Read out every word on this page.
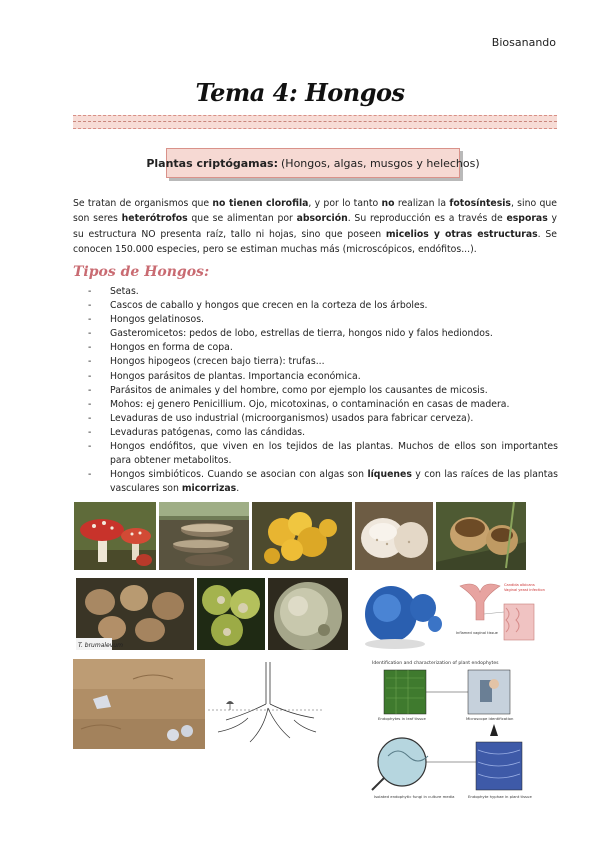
Biosanando
Tema 4: Hongos
Plantas criptógamas: (Hongos, algas, musgos y helechos)

Se tratan de organismos que no tienen clorofila, y por lo tanto no realizan la fotosíntesis, sino que son seres heterótrofos que se alimentan por absorción. Su reproducción es a través de esporas y su estructura NO presenta raíz, tallo ni hojas, sino que poseen micelios y otras estructuras. Se conocen 150.000 especies, pero se estiman muchas más (microscópicos, endófitos...).

Tipos de Hongos:
- Setas.
- Cascos de caballo y hongos que crecen en la corteza de los árboles.
- Hongos gelatinosos.
- Gasteromicetos: pedos de lobo, estrellas de tierra, hongos nido y falos hediondos.
- Hongos en forma de copa.
- Hongos hipogeos (crecen bajo tierra): trufas...
- Hongos parásitos de plantas. Importancia económica.
- Parásitos de animales y del hombre, como por ejemplo los causantes de micosis.
- Mohos: ej genero Penicillium. Ojo, micotoxinas, o contaminación en casas de madera.
- Levaduras de uso industrial (microorganismos) usados para fabricar cerveza).
- Levaduras patógenas, como las cándidas.
- Hongos endófitos, que viven en los tejidos de las plantas. Muchos de ellos son importantes para obtener metabolitos.
- Hongos simbióticos. Cuando se asocian con algas son líquenes y con las raíces de las plantas vasculares son micorrizas.
T. brumalevum
Candida albicans
Vaginal yeast infection
Inflamed vaginal tissue
Identification and characterization of plant endophytes
Endophytes in leaf tissue	Microscope identification
Isolated endophytic fungi in culture media	Endophyte hyphae in plant tissue
